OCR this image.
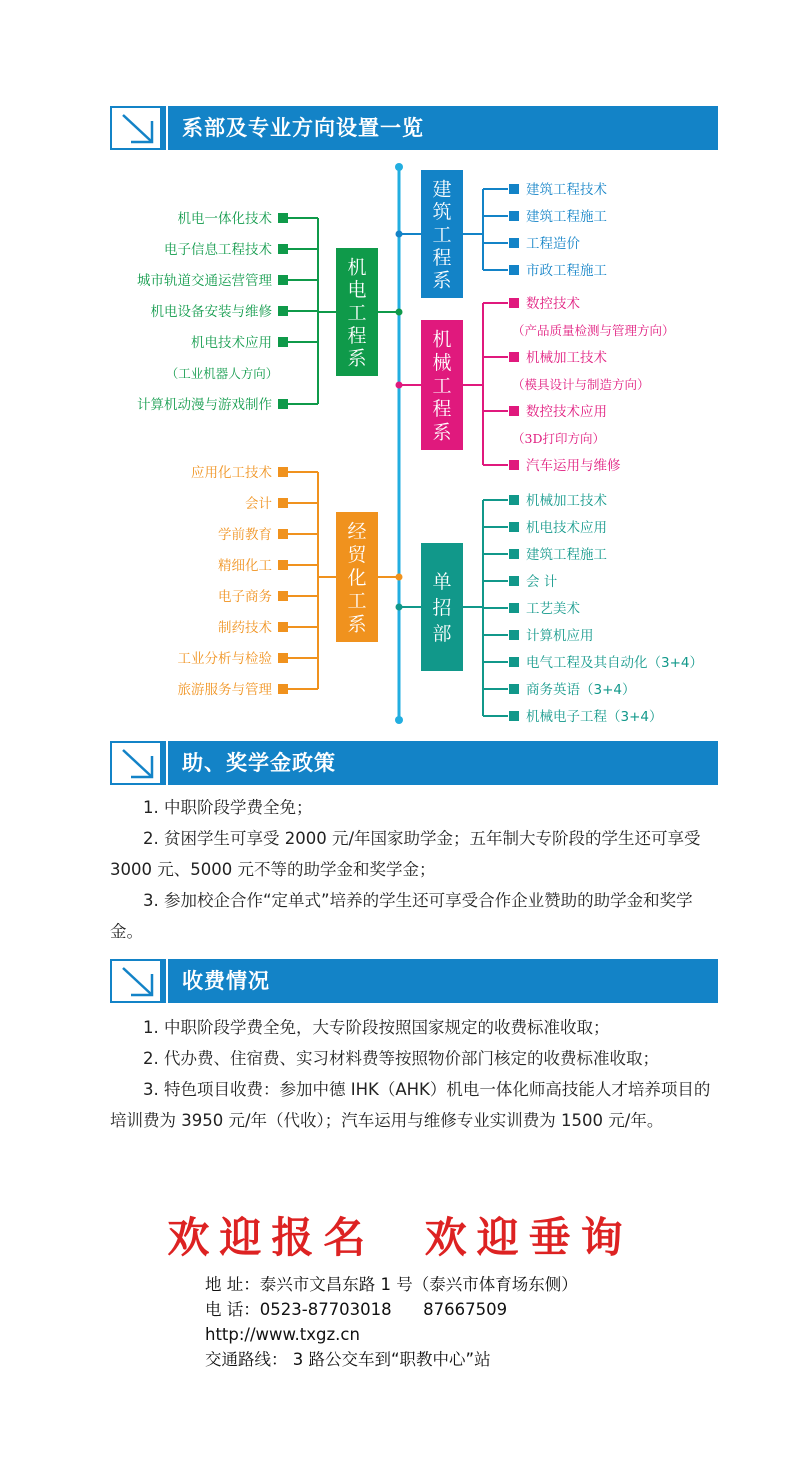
系部及专业方向设置一览
机
电
工
程
系
机电一体化技术
电子信息工程技术
城市轨道交通运营管理
机电设备安装与维修
机电技术应用
（工业机器人方向）
计算机动漫与游戏制作
经
贸
化
工
系
应用化工技术
会计
学前教育
精细化工
电子商务
制药技术
工业分析与检验
旅游服务与管理
建
筑
工
程
系
建筑工程技术
建筑工程施工
工程造价
市政工程施工
机
械
工
程
系
数控技术
（产品质量检测与管理方向）
机械加工技术
（模具设计与制造方向）
数控技术应用
（3D打印方向）
汽车运用与维修
单
招
部
机械加工技术
机电技术应用
建筑工程施工
会 计
工艺美术
计算机应用
电气工程及其自动化（3+4）
商务英语（3+4）
机械电子工程（3+4）
助、奖学金政策

1. 中职阶段学费全免；

2. 贫困学生可享受 2000 元/年国家助学金；五年制大专阶段的学生还可享受 3000 元、5000 元不等的助学金和奖学金；

3. 参加校企合作“定单式”培养的学生还可享受合作企业赞助的助学金和奖学金。

收费情况

1. 中职阶段学费全免，大专阶段按照国家规定的收费标准收取；

2. 代办费、住宿费、实习材料费等按照物价部门核定的收费标准收取；

3. 特色项目收费：参加中德 IHK（AHK）机电一体化师高技能人才培养项目的培训费为 3950 元/年（代收）；汽车运用与维修专业实训费为 1500 元/年。

欢迎报名  欢迎垂询
地 址：泰兴市文昌东路 1 号（泰兴市体育场东侧）
电 话：0523-87703018      87667509
http://www.txgz.cn
交通路线： 3 路公交车到“职教中心”站
